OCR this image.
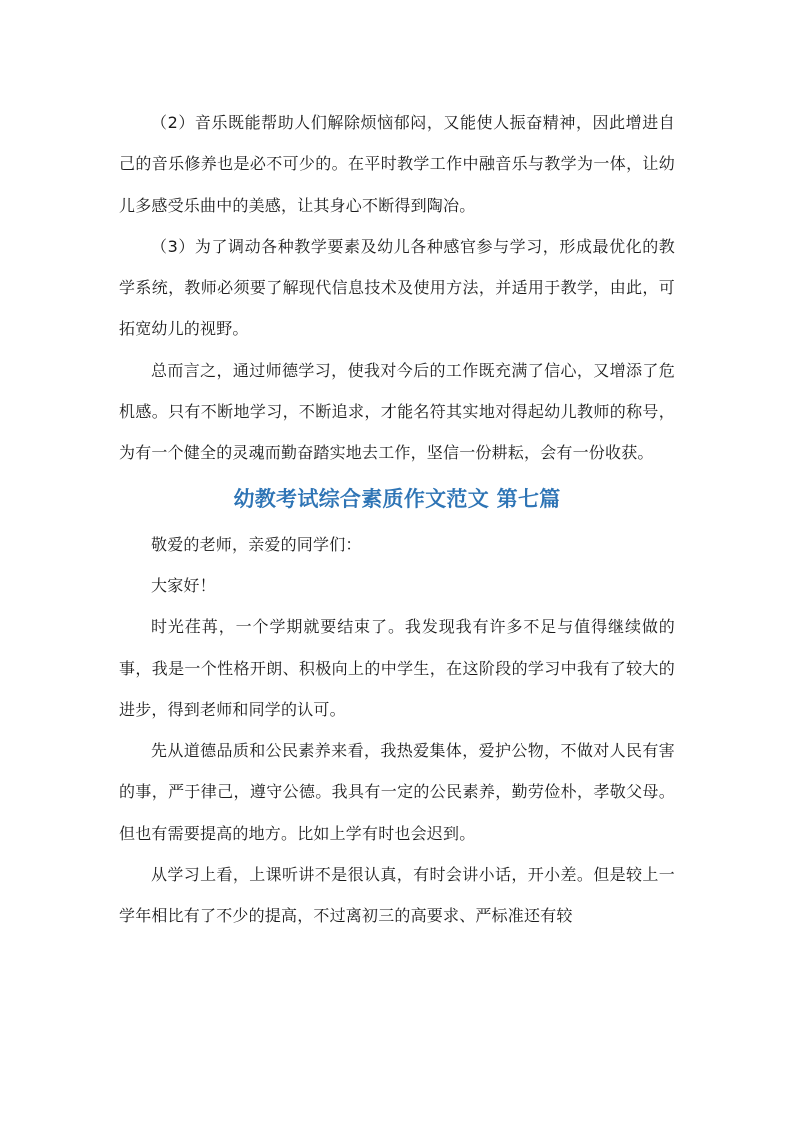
（2）音乐既能帮助人们解除烦恼郁闷，又能使人振奋精神，因此增进自己的音乐修养也是必不可少的。在平时教学工作中融音乐与教学为一体，让幼儿多感受乐曲中的美感，让其身心不断得到陶冶。

（3）为了调动各种教学要素及幼儿各种感官参与学习，形成最优化的教学系统，教师必须要了解现代信息技术及使用方法，并适用于教学，由此，可拓宽幼儿的视野。

总而言之，通过师德学习，使我对今后的工作既充满了信心，又增添了危机感。只有不断地学习，不断追求，才能名符其实地对得起幼儿教师的称号，为有一个健全的灵魂而勤奋踏实地去工作，坚信一份耕耘，会有一份收获。

幼教考试综合素质作文范文 第七篇

敬爱的老师，亲爱的同学们：

大家好！

时光荏苒，一个学期就要结束了。我发现我有许多不足与值得继续做的事，我是一个性格开朗、积极向上的中学生，在这阶段的学习中我有了较大的进步，得到老师和同学的认可。

先从道德品质和公民素养来看，我热爱集体，爱护公物，不做对人民有害的事，严于律己，遵守公德。我具有一定的公民素养，勤劳俭朴，孝敬父母。但也有需要提高的地方。比如上学有时也会迟到。

从学习上看，上课听讲不是很认真，有时会讲小话，开小差。但是较上一学年相比有了不少的提高，不过离初三的高要求、严标准还有较
